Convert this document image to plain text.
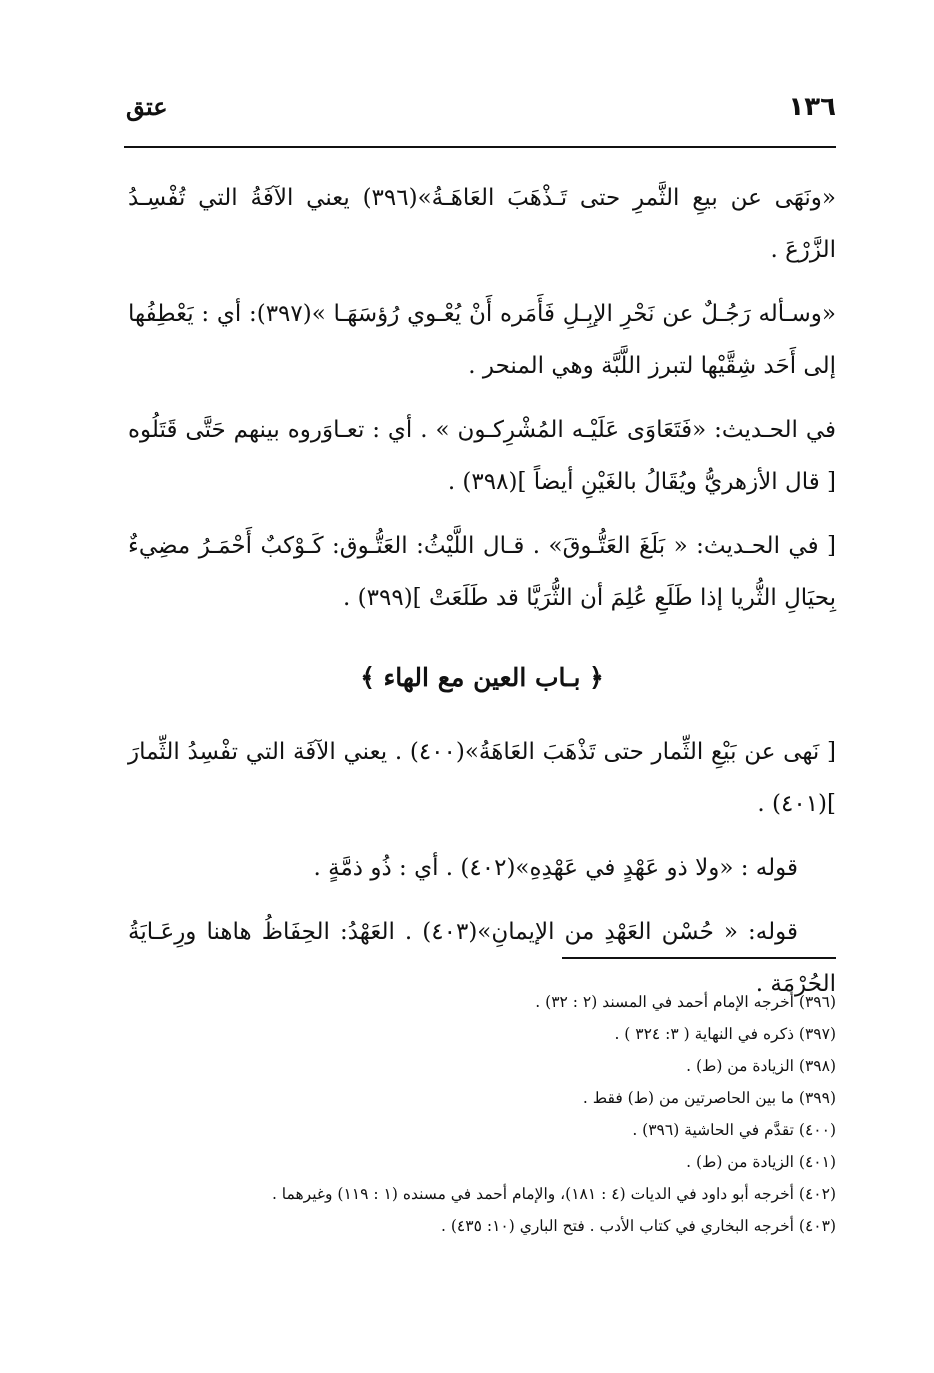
١٣٦
عتق

«ونَهَى عن بيعِ الثَّمرِ حتى تَـذْهَبَ العَاهَـةُ»(٣٩٦) يعني الآفَةُ التي تُفْسِـدُ الزَّرْعَ .

«وسـأله رَجُـلٌ عن نَحْرِ الإبِـلِ فَأَمَره أَنْ يُعْـوي رُؤسَهَـا »(٣٩٧): أي : يَعْطِفُها إلى أَحَد شِقَّيْها لتبرز اللَّبَّة وهي المنحر .

في الحـديث: «فَتَعَاوَى عَلَيْـه المُشْرِكـون » . أي : تعـاوَروه بينهم حَتَّى قَتَلُوه [ قال الأزهريُّ ويُقَالُ بالغَيْنِ أيضاً ](٣٩٨) .

[ في الحـديث: « بَلَغَ العَتُّـوقَ» . قـال اللَّيْثُ: العَتُّـوق: كَـوْكبٌ أَحْمَـرُ مضِيءٌ بِحيَالِ الثُّريا إذا طَلَعِ عُلِمَ أن الثُّرَيَّا قد طَلَعَتْ ](٣٩٩) .

﴿ بـاب العين مع الهاء ﴾

[ نَهى عن بَيْعِ الثِّمار حتى تَذْهَبَ العَاهَةُ»(٤٠٠) . يعني الآفَة التي تفْسِدُ الثِّمارَ ](٤٠١) .

قوله : «ولا ذو عَهْدٍ في عَهْدِهِ»(٤٠٢) . أي : ذُو ذمَّةٍ .

قوله: « حُسْن العَهْدِ من الإيمانِ»(٤٠٣) . العَهْدُ: الحِفَاظُ هاهنا ورِعَـايَةُ الحُرْمَة .

(٣٩٦) أخرجه الإمام أحمد في المسند (٢ : ٣٢) .

(٣٩٧) ذكره في النهاية ( ٣: ٣٢٤ ) .

(٣٩٨) الزيادة من (ط) .

(٣٩٩) ما بين الحاصرتين من (ط) فقط .

(٤٠٠) تقدَّم في الحاشية (٣٩٦) .

(٤٠١) الزيادة من (ط) .

(٤٠٢) أخرجه أبو داود في الديات (٤ : ١٨١)، والإمام أحمد في مسنده (١ : ١١٩) وغيرهما .

(٤٠٣) أخرجه البخاري في كتاب الأدب . فتح الباري (١٠: ٤٣٥) .
